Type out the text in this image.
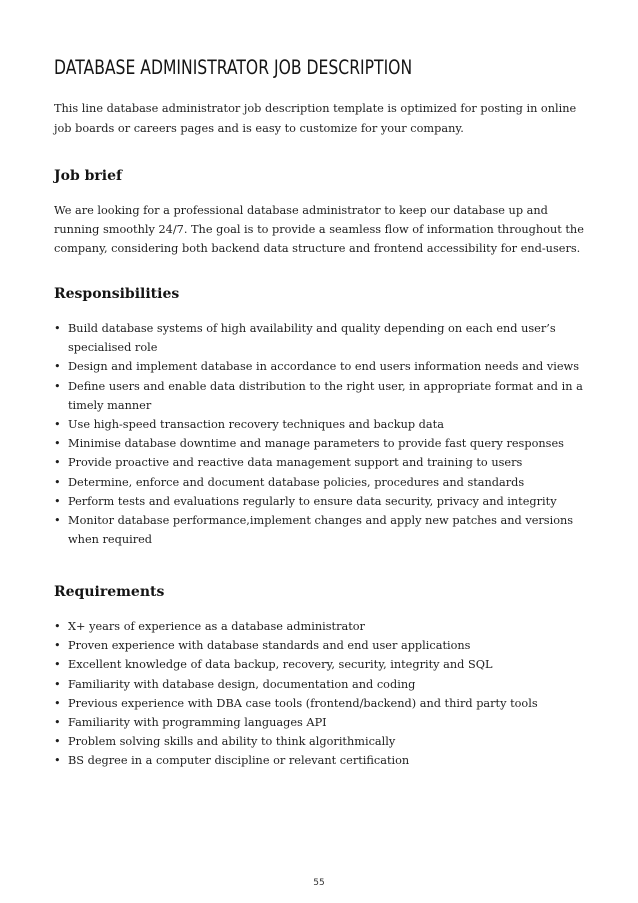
DATABASE ADMINISTRATOR JOB DESCRIPTION
This line database administrator job description template is optimized for posting in online job boards or careers pages and is easy to customize for your company.
Job brief
We are looking for a professional database administrator to keep our database up and running smoothly 24/7. The goal is to provide a seamless flow of information throughout the company, considering both backend data structure and frontend accessibility for end-users.
Responsibilities
• Build database systems of high availability and quality depending on each end user’s specialised role
• Design and implement database in accordance to end users information needs and views
• Define users and enable data distribution to the right user, in appropriate format and in a timely manner
• Use high-speed transaction recovery techniques and backup data
• Minimise database downtime and manage parameters to provide fast query responses
• Provide proactive and reactive data management support and training to users
• Determine, enforce and document database policies, procedures and standards
• Perform tests and evaluations regularly to ensure data security, privacy and integrity
• Monitor database performance,implement changes and apply new patches and versions when required
Requirements
• X+ years of experience as a database administrator
• Proven experience with database standards and end user applications
• Excellent knowledge of data backup, recovery, security, integrity and SQL
• Familiarity with database design, documentation and coding
• Previous experience with DBA case tools (frontend/backend) and third party tools
• Familiarity with programming languages API
• Problem solving skills and ability to think algorithmically
• BS degree in a computer discipline or relevant certification
55
